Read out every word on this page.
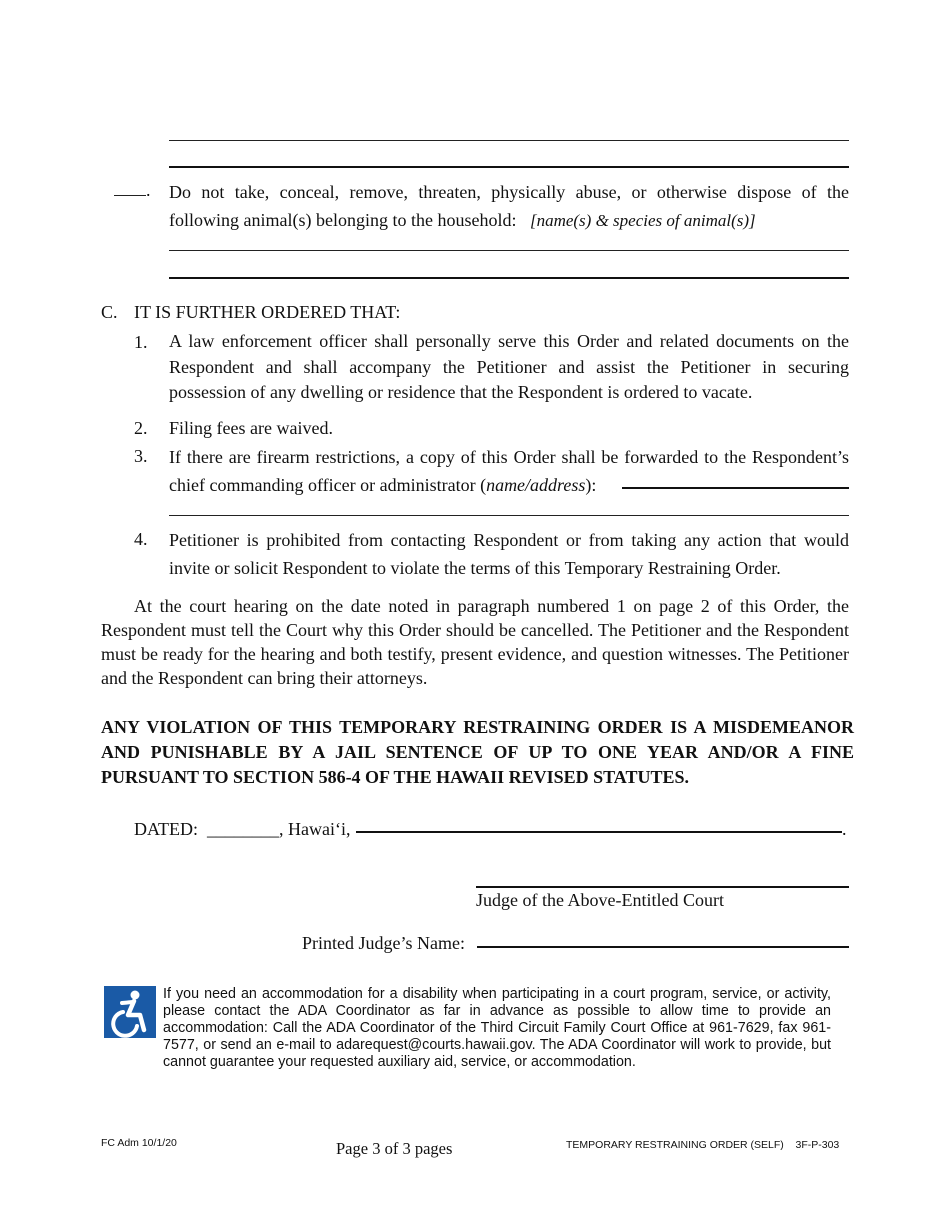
. Do not take, conceal, remove, threaten, physically abuse, or otherwise dispose of the following animal(s) belonging to the household: [name(s) & species of animal(s)]
C. IT IS FURTHER ORDERED THAT:
1. A law enforcement officer shall personally serve this Order and related documents on the Respondent and shall accompany the Petitioner and assist the Petitioner in securing possession of any dwelling or residence that the Respondent is ordered to vacate.
2. Filing fees are waived.
3. If there are firearm restrictions, a copy of this Order shall be forwarded to the Respondent’s chief commanding officer or administrator (name/address):
4. Petitioner is prohibited from contacting Respondent or from taking any action that would invite or solicit Respondent to violate the terms of this Temporary Restraining Order.
At the court hearing on the date noted in paragraph numbered 1 on page 2 of this Order, the Respondent must tell the Court why this Order should be cancelled. The Petitioner and the Respondent must be ready for the hearing and both testify, present evidence, and question witnesses. The Petitioner and the Respondent can bring their attorneys.
ANY VIOLATION OF THIS TEMPORARY RESTRAINING ORDER IS A MISDEMEANOR AND PUNISHABLE BY A JAIL SENTENCE OF UP TO ONE YEAR AND/OR A FINE PURSUANT TO SECTION 586-4 OF THE HAWAII REVISED STATUTES.
DATED: ________, Hawai‘i,	.
Judge of the Above-Entitled Court
Printed Judge’s Name:
If you need an accommodation for a disability when participating in a court program, service, or activity, please contact the ADA Coordinator as far in advance as possible to allow time to provide an accommodation: Call the ADA Coordinator of the Third Circuit Family Court Office at 961-7629, fax 961-7577, or send an e-mail to adarequest@courts.hawaii.gov. The ADA Coordinator will work to provide, but cannot guarantee your requested auxiliary aid, service, or accommodation.
FC Adm 10/1/20	Page 3 of 3 pages	TEMPORARY RESTRAINING ORDER (SELF) 3F-P-303
